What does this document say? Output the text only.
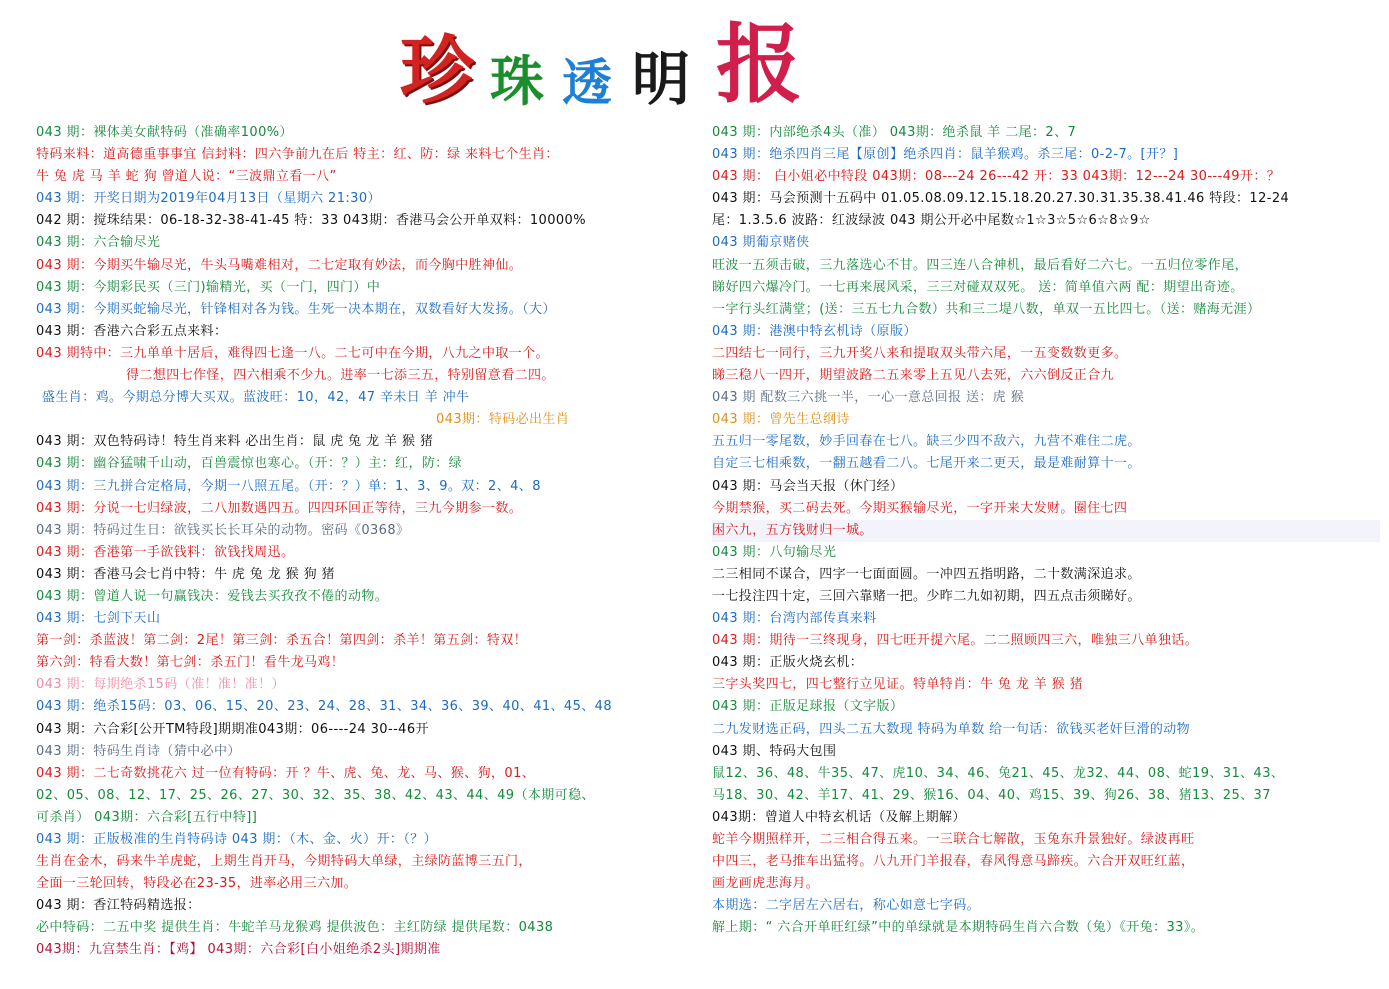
珍 珠 透 明 报
043 期：裸体美女献特码（准确率100%）
特码来料：道高德重事事宜 信封料：四六争前九在后 特主：红、防：绿 来料七个生肖：
牛 兔 虎 马 羊 蛇 狗 曾道人说：“三波鼎立看一八”
043 期：开奖日期为2019年04月13日（星期六 21:30）
042 期：搅珠结果：06-18-32-38-41-45 特：33 043期：香港马会公开单双料：10000%
043 期：六合输尽光
043 期：今期买牛输尽光，牛头马嘴难相对，二七定取有妙法，而今胸中胜神仙。
043 期：今期彩民买（三门)输精光，买（一门，四门）中
043 期：今期买蛇输尽光，针锋相对各为钱。生死一决本期在，双数看好大发扬。（大）
043 期：香港六合彩五点来料：
043 期特中：三九单单十居后，难得四七逢一八。二七可中在今期，八九之中取一个。
得二想四七作怪，四六相乘不少九。进率一七添三五，特别留意看二四。
盛生肖：鸡。今期总分博大买双。蓝波旺：10，42，47 辛未日 羊 冲牛
043期：特码必出生肖
043 期：双色特码诗！特生肖来料 必出生肖：鼠 虎 兔 龙 羊 猴 猪
043 期：幽谷猛啸千山动，百兽震惊也寒心。（开：？）主：红，防：绿
043 期：三九拼合定格局，今期一八照五尾。（开：？）单：1、3、9。双：2、4、8
043 期：分说一七归绿波，二八加数遇四五。四四环回正等待，三九今期参一数。
043 期：特码过生日：欲钱买长长耳朵的动物。密码《0368》
043 期：香港第一手欲钱料：欲钱找周迅。
043 期：香港马会七肖中特：牛 虎 兔 龙 猴 狗 猪
043 期：曾道人说一句赢钱决：爱钱去买孜孜不倦的动物。
043 期：七剑下天山
第一剑：杀蓝波！第二剑：2尾！第三剑：杀五合！第四剑：杀羊！第五剑：特双！
第六剑：特看大数！第七剑：杀五门！看牛龙马鸡！
043 期：每期绝杀15码（准！准！准！）
043 期：绝杀15码：03、06、15、20、23、24、28、31、34、36、39、40、41、45、48
043 期：六合彩[公开TM特段]期期准043期：06----24 30--46开
043 期：特码生肖诗（猜中必中）
043 期：二七奇数挑花六 过一位有特码：开 ？牛、虎、兔、龙、马、猴、狗，01、
02、05、08、12、17、25、26、27、30、32、35、38、42、43、44、49（本期可稳、
可杀肖） 043期：六合彩[五行中特]]
043 期：正版极准的生肖特码诗 043 期：（木、金、火）开：（？）
生肖在金木，码来牛羊虎蛇，上期生肖开马，今期特码大单绿，主绿防蓝博三五门，
全面一三轮回转，特段必在23-35，进率必用三六加。
043 期：香江特码精选报：
必中特码：二五中奖 提供生肖：牛蛇羊马龙猴鸡 提供波色：主红防绿 提供尾数：0438
043期：九宫禁生肖：【鸡】 043期：六合彩[白小姐绝杀2头]期期准
043 期：内部绝杀4头（准） 043期：绝杀鼠 羊 二尾：2、7
043 期：绝杀四肖三尾【原创】绝杀四肖：鼠羊猴鸡。杀三尾：0-2-7。[开？]
043 期： 白小姐必中特段 043期：08---24 26---42 开：33 043期：12---24 30---49开：？
043 期：马会预测十五码中 01.05.08.09.12.15.18.20.27.30.31.35.38.41.46 特段：12-24
尾：1.3.5.6 波路：红波绿波 043 期公开必中尾数☆1☆3☆5☆6☆8☆9☆
043 期葡京赌侠
旺波一五须击破，三九落选心不甘。四三连八合神机，最后看好二六七。一五归位零作尾，
睇好四六爆冷门。一七再来展风采，三三对碰双双死。 送：简单值六两 配：期望出奇迹。
一字行头红满堂；(送：三五七九合数）共和三二堤八数，单双一五比四七。（送：赌海无涯）
043 期：港澳中特玄机诗（原版）
二四结七一同行，三九开奖八来和提取双头带六尾，一五变数数更多。
睇三稳八一四开，期望波路二五来零上五见八去死，六六倒反正合九
043 期 配数三六挑一半，一心一意总回报 送：虎 猴
043 期：曾先生总纲诗
五五归一零尾数，妙手回春在七八。缺三少四不敌六，九营不难住二虎。
自定三七相乘数，一翻五越看二八。七尾开来二更天，最是难耐算十一。
043 期：马会当天报（休门经）
今期禁猴，买二码去死。今期买猴输尽光，一字开来大发财。圈住七四
困六九，五方钱财归一城。
043 期：八句输尽光
二三相同不谋合，四字一七面面圆。一冲四五指明路，二十数满深追求。
一七投注四十定，三回六靠赌一把。少昨二九如初期，四五点击须睇好。
043 期：台湾内部传真来料
043 期：期待一三终现身，四七旺开提六尾。二二照顾四三六，唯独三八单独话。
043 期：正版火烧玄机：
三字头奖四七，四七整行立见证。特单特肖：牛 兔 龙 羊 猴 猪
043 期：正版足球报（文字版）
二九发财选正码，四头二五大数现 特码为单数 给一句话：欲钱买老奸巨滑的动物
043 期、特码大包围
鼠12、36、48、牛35、47、虎10、34、46、兔21、45、龙32、44、08、蛇19、31、43、
马18、30、42、羊17、41、29、猴16、04、40、鸡15、39、狗26、38、猪13、25、37
043期：曾道人中特玄机话（及解上期解）
蛇羊今期照样开，二三相合得五来。一三联合七解散，玉兔东升景独好。绿波再旺
中四三，老马推车出猛将。八九开门羊报春，春风得意马蹄疾。六合开双旺红蓝，
画龙画虎悲海月。
本期选：二字居左六居右，称心如意七字码。
解上期：“ 六合开单旺红绿”中的单绿就是本期特码生肖六合数（兔）《开兔：33》。
